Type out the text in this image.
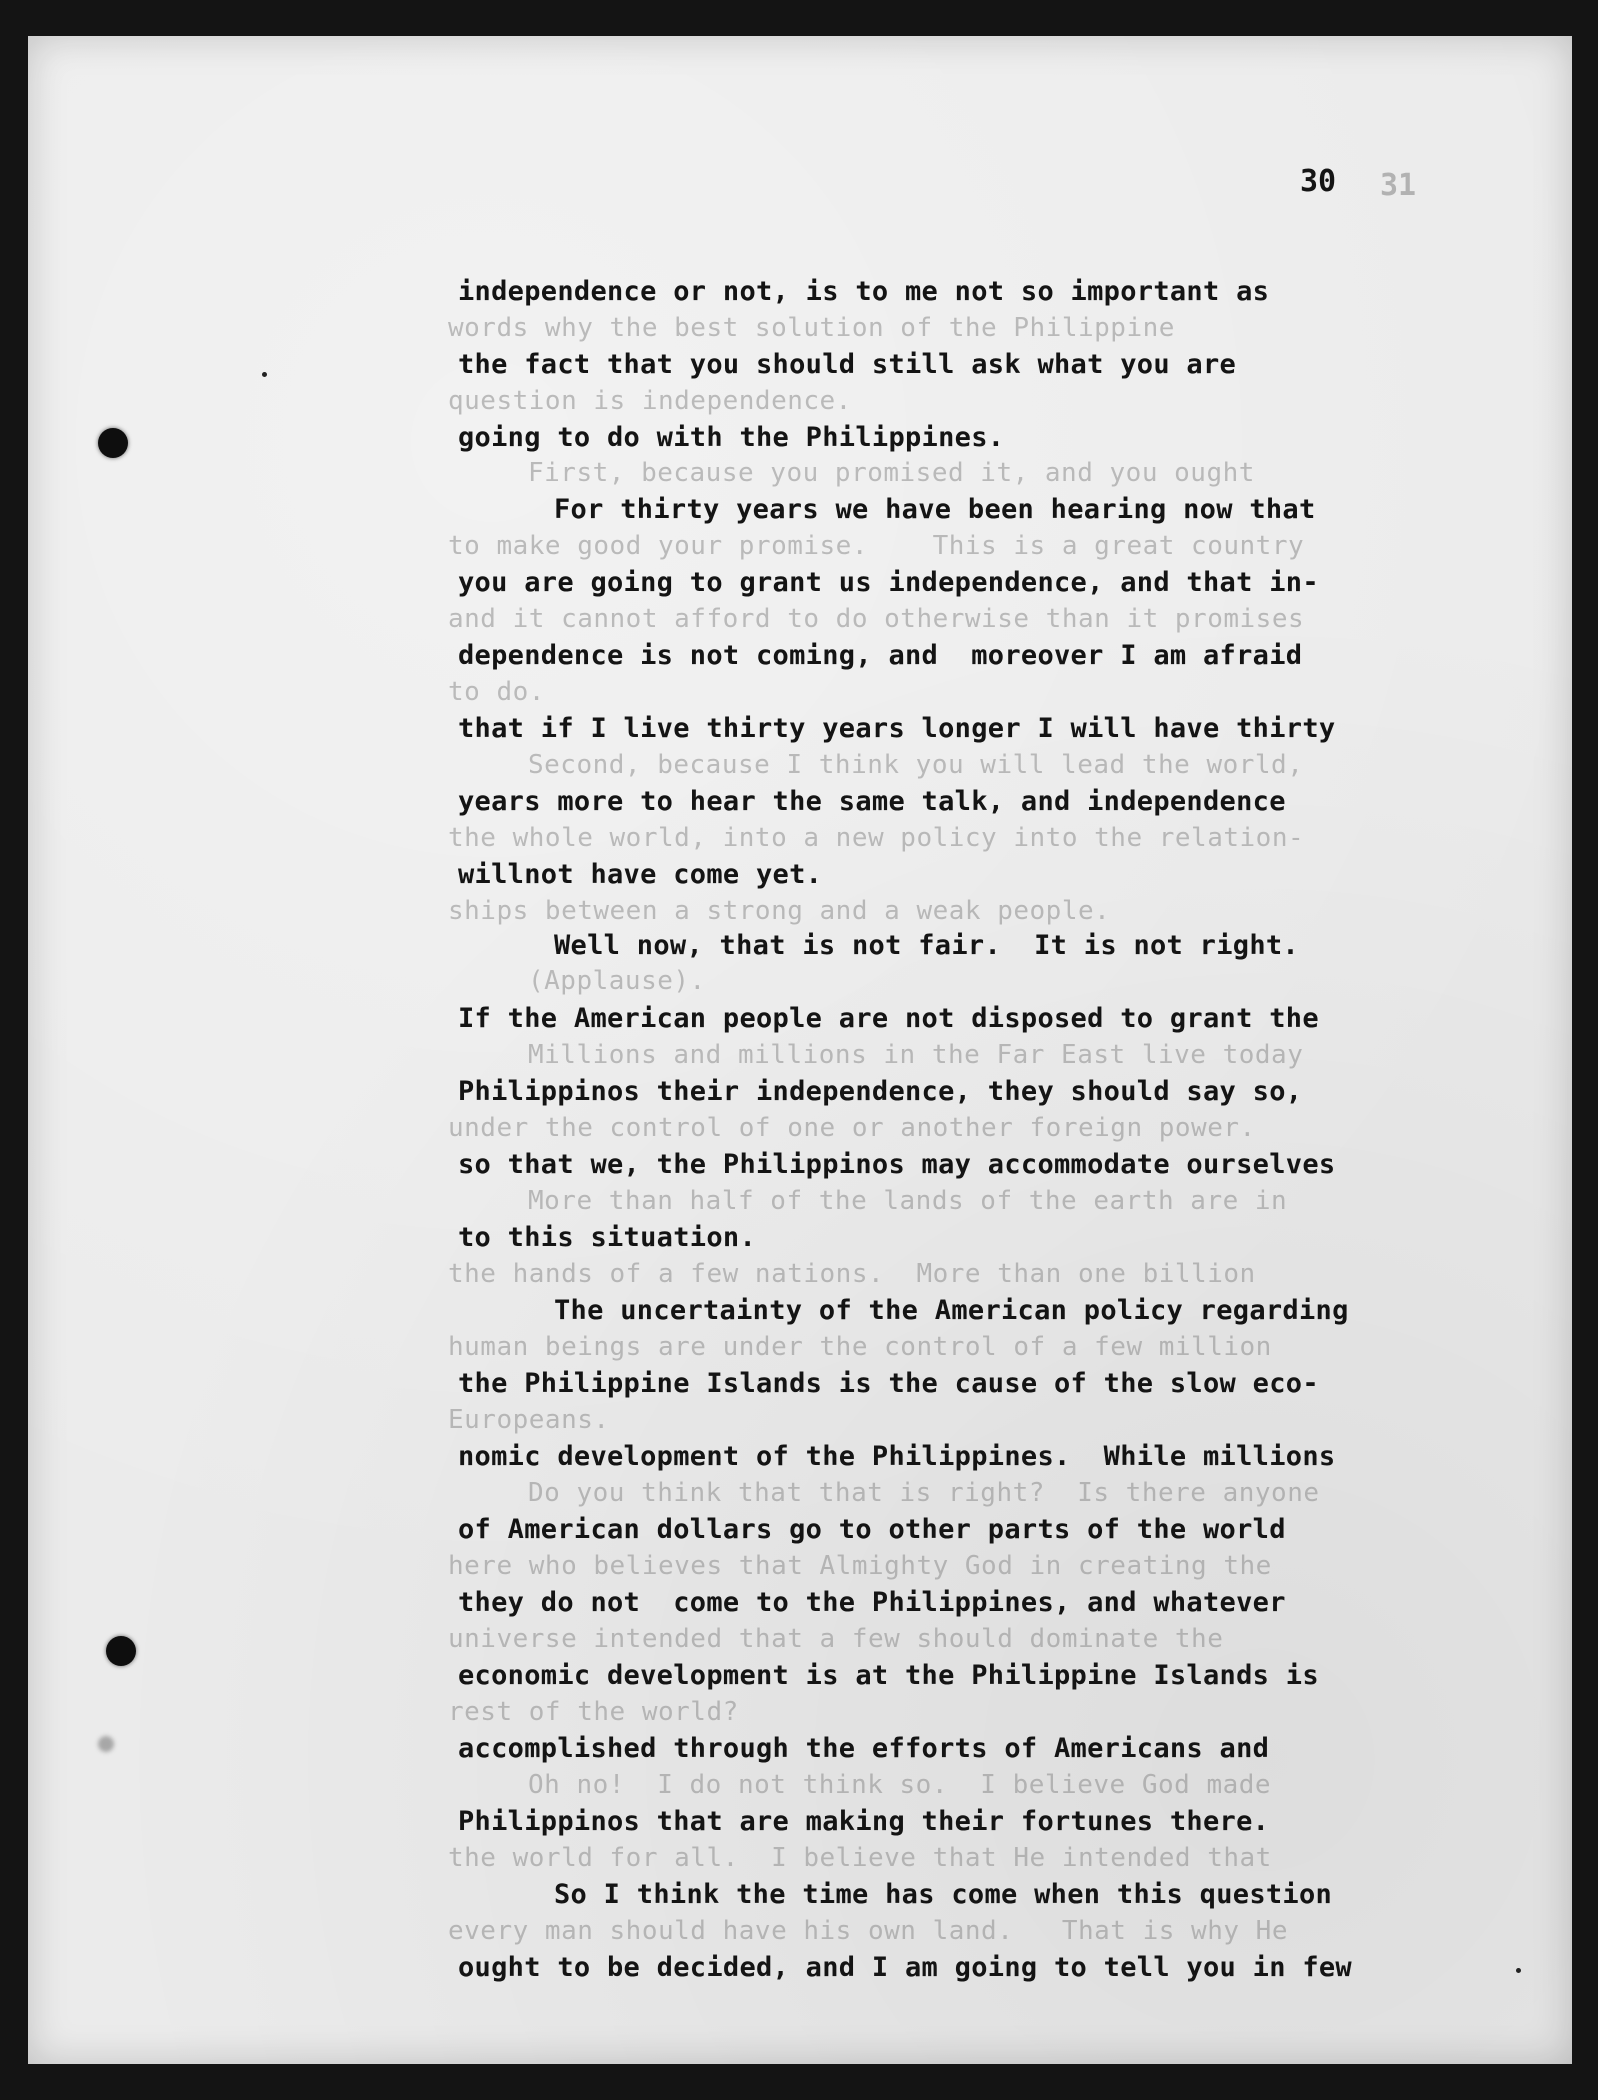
30 31
words why the best solution of the Philippine
question is independence.
First, because you promised it, and you ought
to make good your promise.    This is a great country
and it cannot afford to do otherwise than it promises
to do.
Second, because I think you will lead the world,
the whole world, into a new policy into the relation-
ships between a strong and a weak people.
(Applause).
Millions and millions in the Far East live today
under the control of one or another foreign power.
More than half of the lands of the earth are in
the hands of a few nations.  More than one billion
human beings are under the control of a few million
Europeans.
Do you think that that is right?  Is there anyone
here who believes that Almighty God in creating the
universe intended that a few should dominate the
rest of the world?
Oh no!  I do not think so.  I believe God made
the world for all.  I believe that He intended that
every man should have his own land.   That is why He
independence or not, is to me not so important as
the fact that you should still ask what you are
going to do with the Philippines.
For thirty years we have been hearing now that
you are going to grant us independence, and that in-
dependence is not coming, and  moreover I am afraid
that if I live thirty years longer I will have thirty
years more to hear the same talk, and independence
willnot have come yet.
Well now, that is not fair.  It is not right.
If the American people are not disposed to grant the
Philippinos their independence, they should say so,
so that we, the Philippinos may accommodate ourselves
to this situation.
The uncertainty of the American policy regarding
the Philippine Islands is the cause of the slow eco-
nomic development of the Philippines.  While millions
of American dollars go to other parts of the world
they do not  come to the Philippines, and whatever
economic development is at the Philippine Islands is
accomplished through the efforts of Americans and
Philippinos that are making their fortunes there.
So I think the time has come when this question
ought to be decided, and I am going to tell you in few
